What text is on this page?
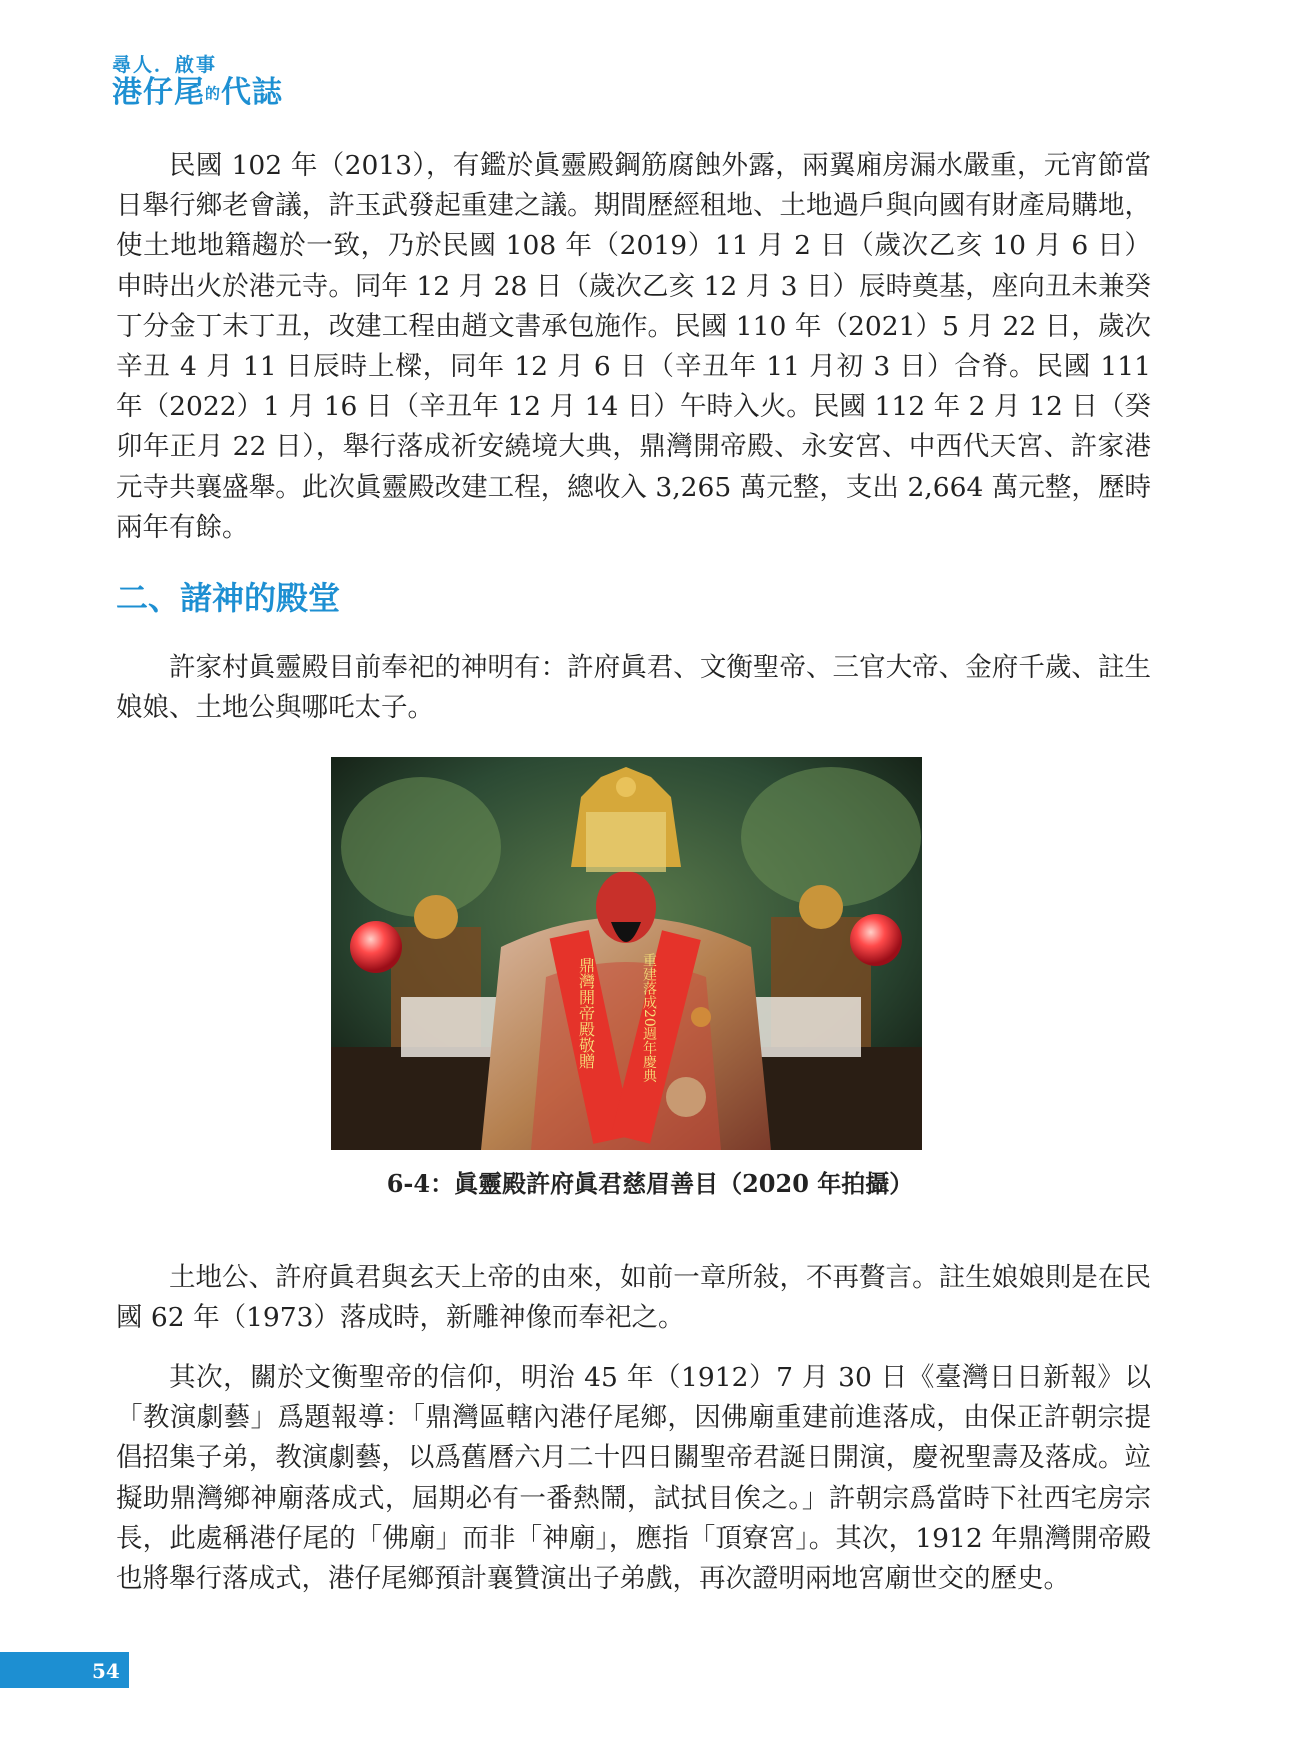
尋人．啟事
港仔尾的代誌

民國 102 年（2013），有鑑於眞靈殿鋼筋腐蝕外露，兩翼廂房漏水嚴重，元宵節當日舉行鄉老會議，許玉武發起重建之議。期間歷經租地、土地過戶與向國有財產局購地，使土地地籍趨於一致，乃於民國 108 年（2019）11 月 2 日（歲次乙亥 10 月 6 日）申時出火於港元寺。同年 12 月 28 日（歲次乙亥 12 月 3 日）辰時奠基，座向丑未兼癸丁分金丁未丁丑，改建工程由趙文書承包施作。民國 110 年（2021）5 月 22 日，歲次辛丑 4 月 11 日辰時上樑，同年 12 月 6 日（辛丑年 11 月初 3 日）合脊。民國 111 年（2022）1 月 16 日（辛丑年 12 月 14 日）午時入火。民國 112 年 2 月 12 日（癸卯年正月 22 日），舉行落成祈安繞境大典，鼎灣開帝殿、永安宮、中西代天宮、許家港元寺共襄盛舉。此次眞靈殿改建工程，總收入 3,265 萬元整，支出 2,664 萬元整，歷時兩年有餘。

二、諸神的殿堂

許家村眞靈殿目前奉祀的神明有：許府眞君、文衡聖帝、三官大帝、金府千歲、註生娘娘、土地公與哪吒太子。

鼎灣開帝殿敬贈	重建落成20週年慶典
6-4：眞靈殿許府眞君慈眉善目（2020 年拍攝）

土地公、許府眞君與玄天上帝的由來，如前一章所敍，不再贅言。註生娘娘則是在民國 62 年（1973）落成時，新雕神像而奉祀之。

其次，關於文衡聖帝的信仰，明治 45 年（1912）7 月 30 日《臺灣日日新報》以「教演劇藝」爲題報導：「鼎灣區轄內港仔尾鄉，因佛廟重建前進落成，由保正許朝宗提倡招集子弟，教演劇藝，以爲舊曆六月二十四日關聖帝君誕日開演，慶祝聖壽及落成。竝擬助鼎灣鄉神廟落成式，屆期必有一番熱鬧，試拭目俟之。」許朝宗爲當時下社西宅房宗長，此處稱港仔尾的「佛廟」而非「神廟」，應指「頂寮宮」。其次，1912 年鼎灣開帝殿也將舉行落成式，港仔尾鄉預計襄贊演出子弟戲，再次證明兩地宮廟世交的歷史。

54
